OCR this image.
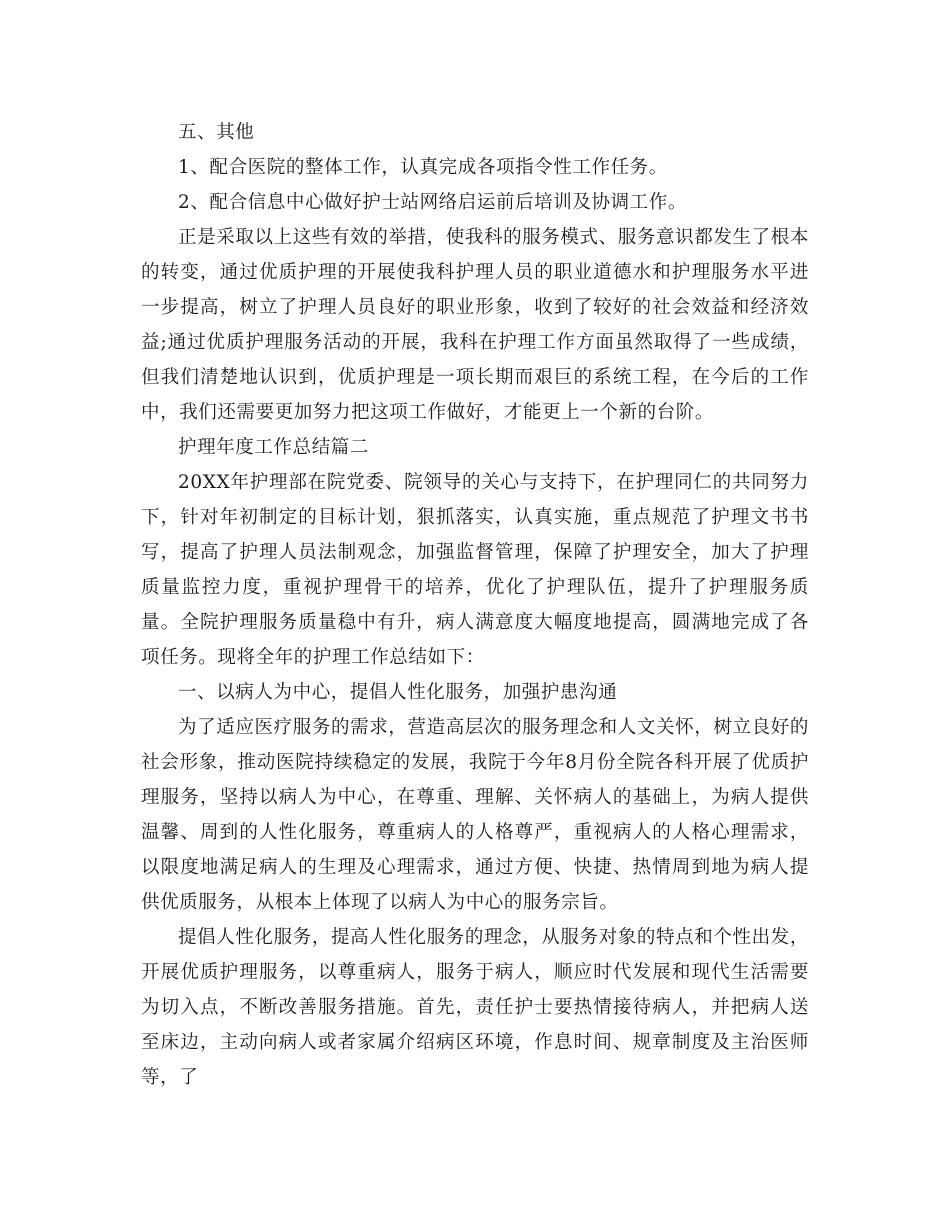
五、其他

1、配合医院的整体工作，认真完成各项指令性工作任务。

2、配合信息中心做好护士站网络启运前后培训及协调工作。

正是采取以上这些有效的举措，使我科的服务模式、服务意识都发生了根本的转变，通过优质护理的开展使我科护理人员的职业道德水和护理服务水平进一步提高，树立了护理人员良好的职业形象，收到了较好的社会效益和经济效益;通过优质护理服务活动的开展，我科在护理工作方面虽然取得了一些成绩，但我们清楚地认识到，优质护理是一项长期而艰巨的系统工程，在今后的工作中，我们还需要更加努力把这项工作做好，才能更上一个新的台阶。

护理年度工作总结篇二

20XX年护理部在院党委、院领导的关心与支持下，在护理同仁的共同努力下，针对年初制定的目标计划，狠抓落实，认真实施，重点规范了护理文书书写，提高了护理人员法制观念，加强监督管理，保障了护理安全，加大了护理质量监控力度，重视护理骨干的培养，优化了护理队伍，提升了护理服务质量。全院护理服务质量稳中有升，病人满意度大幅度地提高，圆满地完成了各项任务。现将全年的护理工作总结如下：

一、以病人为中心，提倡人性化服务，加强护患沟通

为了适应医疗服务的需求，营造高层次的服务理念和人文关怀，树立良好的社会形象，推动医院持续稳定的发展，我院于今年8月份全院各科开展了优质护理服务，坚持以病人为中心，在尊重、理解、关怀病人的基础上，为病人提供温馨、周到的人性化服务，尊重病人的人格尊严，重视病人的人格心理需求，以限度地满足病人的生理及心理需求，通过方便、快捷、热情周到地为病人提供优质服务，从根本上体现了以病人为中心的服务宗旨。

提倡人性化服务，提高人性化服务的理念，从服务对象的特点和个性出发，开展优质护理服务，以尊重病人，服务于病人，顺应时代发展和现代生活需要为切入点，不断改善服务措施。首先，责任护士要热情接待病人，并把病人送至床边，主动向病人或者家属介绍病区环境，作息时间、规章制度及主治医师等，了
